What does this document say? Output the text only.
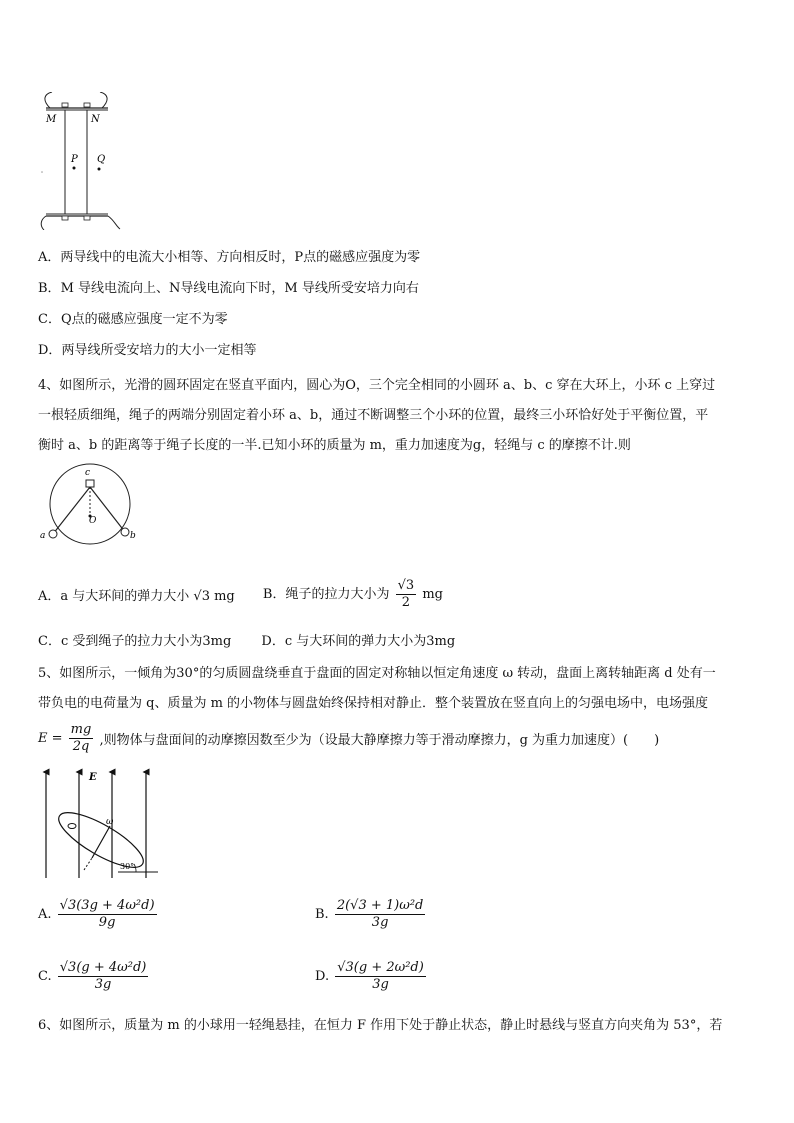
M	N
P Q
A．两导线中的电流大小相等、方向相反时，P点的磁感应强度为零
B．M 导线电流向上、N导线电流向下时，M 导线所受安培力向右
C．Q点的磁感应强度一定不为零
D．两导线所受安培力的大小一定相等
4、如图所示，光滑的圆环固定在竖直平面内，圆心为O，三个完全相同的小圆环 a、b、c 穿在大环上，小环 c 上穿过
一根轻质细绳，绳子的两端分别固定着小环 a、b，通过不断调整三个小环的位置，最终三小环恰好处于平衡位置，平
衡时 a、b 的距离等于绳子长度的一半.已知小环的质量为 m，重力加速度为g，轻绳与 c 的摩擦不计.则
c
O
a	b
A．a 与大环间的弹力大小 √3 mg B．绳子的拉力大小为 $\frac{√3}{2}$ mg
C．c 受到绳子的拉力大小为3mg D．c 与大环间的弹力大小为3mg
5、如图所示，一倾角为30°的匀质圆盘绕垂直于盘面的固定对称轴以恒定角速度 ω 转动，盘面上离转轴距离 d 处有一
带负电的电荷量为 q、质量为 m 的小物体与圆盘始终保持相对静止．整个装置放在竖直向上的匀强电场中，电场强度
$E = \frac{mg}{2q}$ ,则物体与盘面间的动摩擦因数至少为（设最大静摩擦力等于滑动摩擦力，g 为重力加速度）(　　)
E
ω
30°
A. $\frac{\text{√3(3g + 4ω²d)}}{9g}$	B. $\frac{\text{2(√3 + 1)ω²d}}{3g}$
C. $\frac{\text{√3(g + 4ω²d)}}{3g}$	D. $\frac{\text{√3(g + 2ω²d)}}{3g}$
6、如图所示，质量为 m 的小球用一轻绳悬挂，在恒力 F 作用下处于静止状态，静止时悬线与竖直方向夹角为 53°，若
